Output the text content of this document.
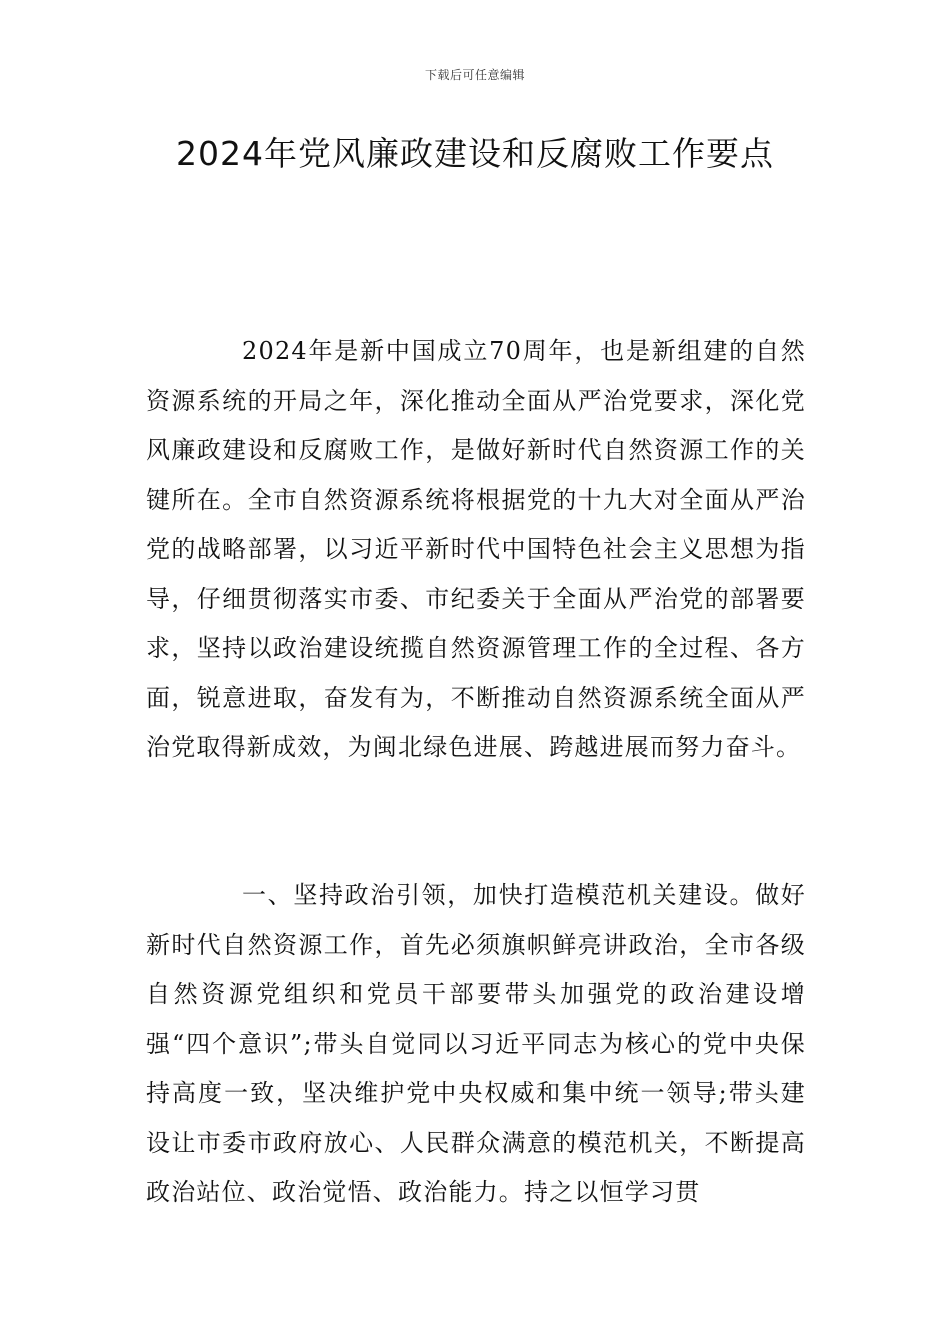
下载后可任意编辑
2024年党风廉政建设和反腐败工作要点

2024年是新中国成立70周年，也是新组建的自然资源系统的开局之年，深化推动全面从严治党要求，深化党风廉政建设和反腐败工作，是做好新时代自然资源工作的关键所在。全市自然资源系统将根据党的十九大对全面从严治党的战略部署，以习近平新时代中国特色社会主义思想为指导，仔细贯彻落实市委、市纪委关于全面从严治党的部署要求，坚持以政治建设统揽自然资源管理工作的全过程、各方面，锐意进取，奋发有为，不断推动自然资源系统全面从严治党取得新成效，为闽北绿色进展、跨越进展而努力奋斗。

一、坚持政治引领，加快打造模范机关建设。做好新时代自然资源工作，首先必须旗帜鲜亮讲政治，全市各级自然资源党组织和党员干部要带头加强党的政治建设增强“四个意识”;带头自觉同以习近平同志为核心的党中央保持高度一致，坚决维护党中央权威和集中统一领导;带头建设让市委市政府放心、人民群众满意的模范机关，不断提高政治站位、政治觉悟、政治能力。持之以恒学习贯
